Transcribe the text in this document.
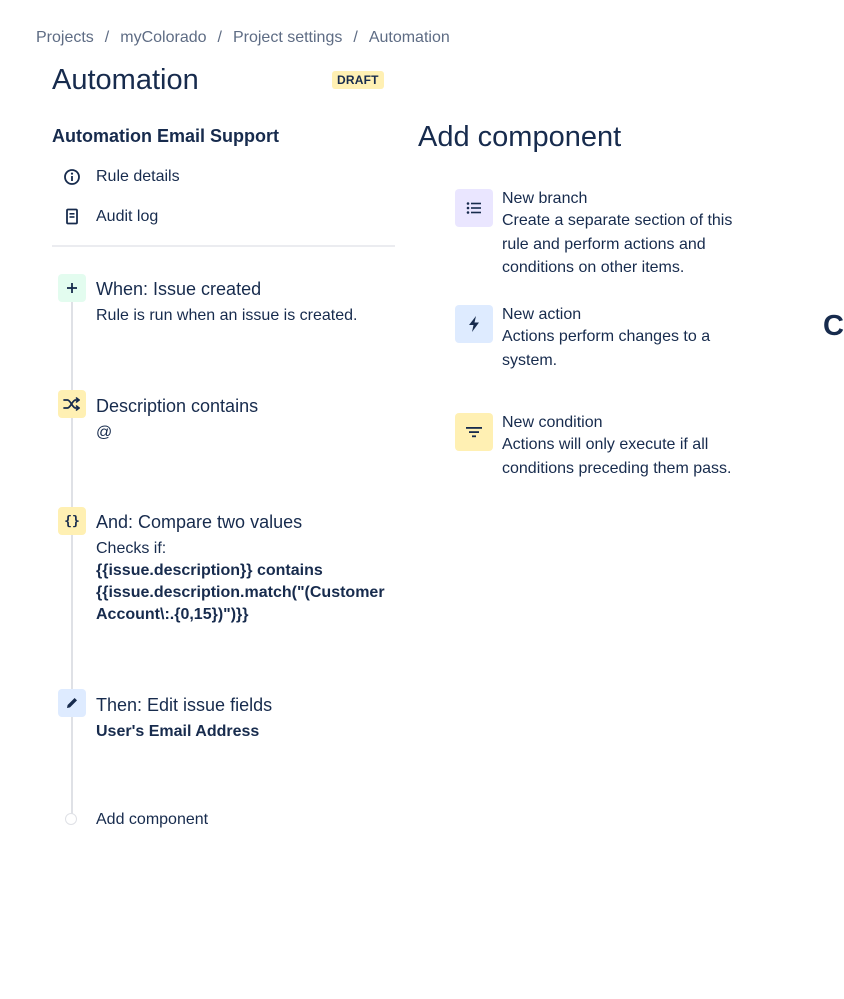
Projects / myColorado / Project settings / Automation
Automation	DRAFT
Automation Email Support
Rule details
Audit log
When: Issue created
Rule is run when an issue is created.
Description contains
@
{} And: Compare two values
Checks if:
{{issue.description}} contains
{{issue.description.match("(Customer
Account\:.{0,15})")}}
Then: Edit issue fields
User's Email Address
Add component
Add component
New branch
Create a separate section of this
rule and perform actions and
conditions on other items.
New action
Actions perform changes to a
system.
New condition
Actions will only execute if all
conditions preceding them pass.
C
